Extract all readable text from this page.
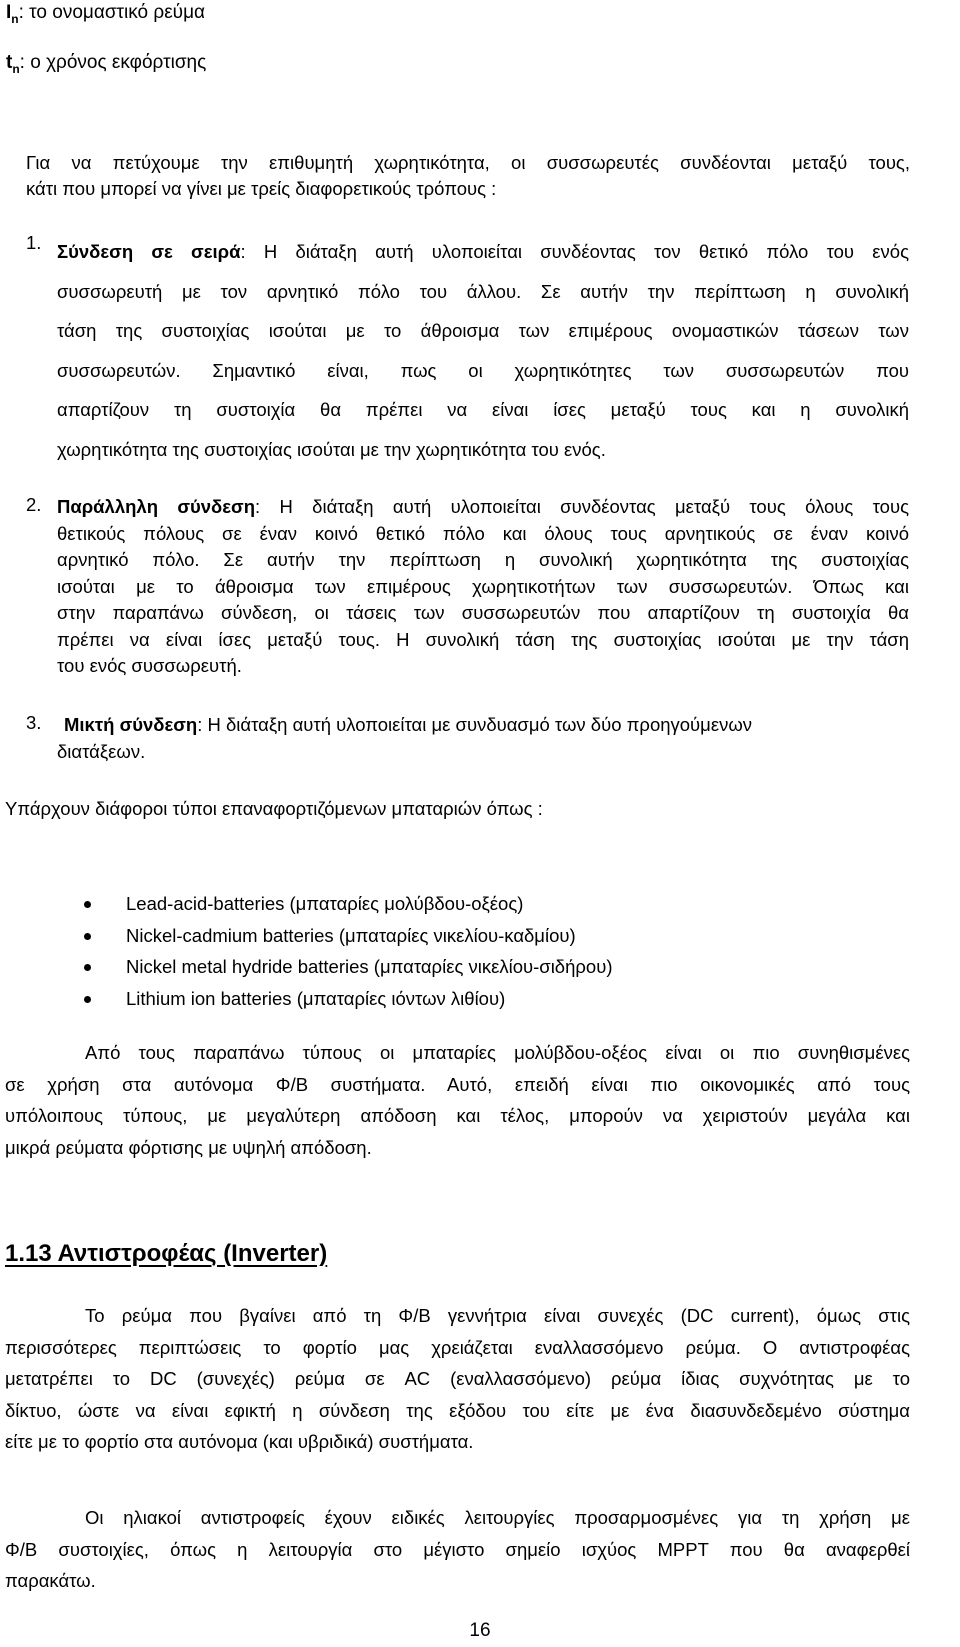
$I_n$: το ονομαστικό ρεύμα
$t_n$: ο χρόνος εκφόρτισης
Για να πετύχουμε την επιθυμητή χωρητικότητα, οι συσσωρευτές συνδέονται μεταξύ τους,
κάτι που μπορεί να γίνει με τρείς διαφορετικούς τρόπους :
1. Σύνδεση σε σειρά: Η διάταξη αυτή υλοποιείται συνδέοντας τον θετικό πόλο του ενός
συσσωρευτή με τον αρνητικό πόλο του άλλου. Σε αυτήν την περίπτωση η συνολική
τάση της συστοιχίας ισούται με το άθροισμα των επιμέρους ονομαστικών τάσεων των
συσσωρευτών. Σημαντικό είναι, πως οι χωρητικότητες των συσσωρευτών που
απαρτίζουν τη συστοιχία θα πρέπει να είναι ίσες μεταξύ τους και η συνολική
χωρητικότητα της συστοιχίας ισούται με την χωρητικότητα του ενός.
2. Παράλληλη σύνδεση: Η διάταξη αυτή υλοποιείται συνδέοντας μεταξύ τους όλους τους
θετικούς πόλους σε έναν κοινό θετικό πόλο και όλους τους αρνητικούς σε έναν κοινό
αρνητικό πόλο. Σε αυτήν την περίπτωση η συνολική χωρητικότητα της συστοιχίας
ισούται με το άθροισμα των επιμέρους χωρητικοτήτων των συσσωρευτών. Όπως και
στην παραπάνω σύνδεση, οι τάσεις των συσσωρευτών που απαρτίζουν τη συστοιχία θα
πρέπει να είναι ίσες μεταξύ τους. Η συνολική τάση της συστοιχίας ισούται με την τάση
του ενός συσσωρευτή.
3.	Μικτή σύνδεση: Η διάταξη αυτή υλοποιείται με συνδυασμό των δύο προηγούμενων
διατάξεων.
Υπάρχουν διάφοροι τύποι επαναφορτιζόμενων μπαταριών όπως :
Lead-acid-batteries (μπαταρίες μολύβδου-οξέος)
Nickel-cadmium batteries (μπαταρίες νικελίου-καδμίου)
Nickel metal hydride batteries (μπαταρίες νικελίου-σιδήρου)
Lithium ion batteries (μπαταρίες ιόντων λιθίου)
Από τους παραπάνω τύπους οι μπαταρίες μολύβδου-οξέος είναι οι πιο συνηθισμένες
σε χρήση στα αυτόνομα Φ/Β συστήματα. Αυτό, επειδή είναι πιο οικονομικές από τους
υπόλοιπους τύπους, με μεγαλύτερη απόδοση και τέλος, μπορούν να χειριστούν μεγάλα και
μικρά ρεύματα φόρτισης με υψηλή απόδοση.
1.13 Αντιστροφέας (Inverter)
Το ρεύμα που βγαίνει από τη Φ/Β γεννήτρια είναι συνεχές (DC current), όμως στις
περισσότερες περιπτώσεις το φορτίο μας χρειάζεται εναλλασσόμενο ρεύμα. Ο αντιστροφέας
μετατρέπει το DC (συνεχές) ρεύμα σε AC (εναλλασσόμενο) ρεύμα ίδιας συχνότητας με το
δίκτυο, ώστε να είναι εφικτή η σύνδεση της εξόδου του είτε με ένα διασυνδεδεμένο σύστημα
είτε με το φορτίο στα αυτόνομα (και υβριδικά) συστήματα.
Οι ηλιακοί αντιστροφείς έχουν ειδικές λειτουργίες προσαρμοσμένες για τη χρήση με
Φ/Β συστοιχίες, όπως η λειτουργία στο μέγιστο σημείο ισχύος MPPT που θα αναφερθεί
παρακάτω.
16
